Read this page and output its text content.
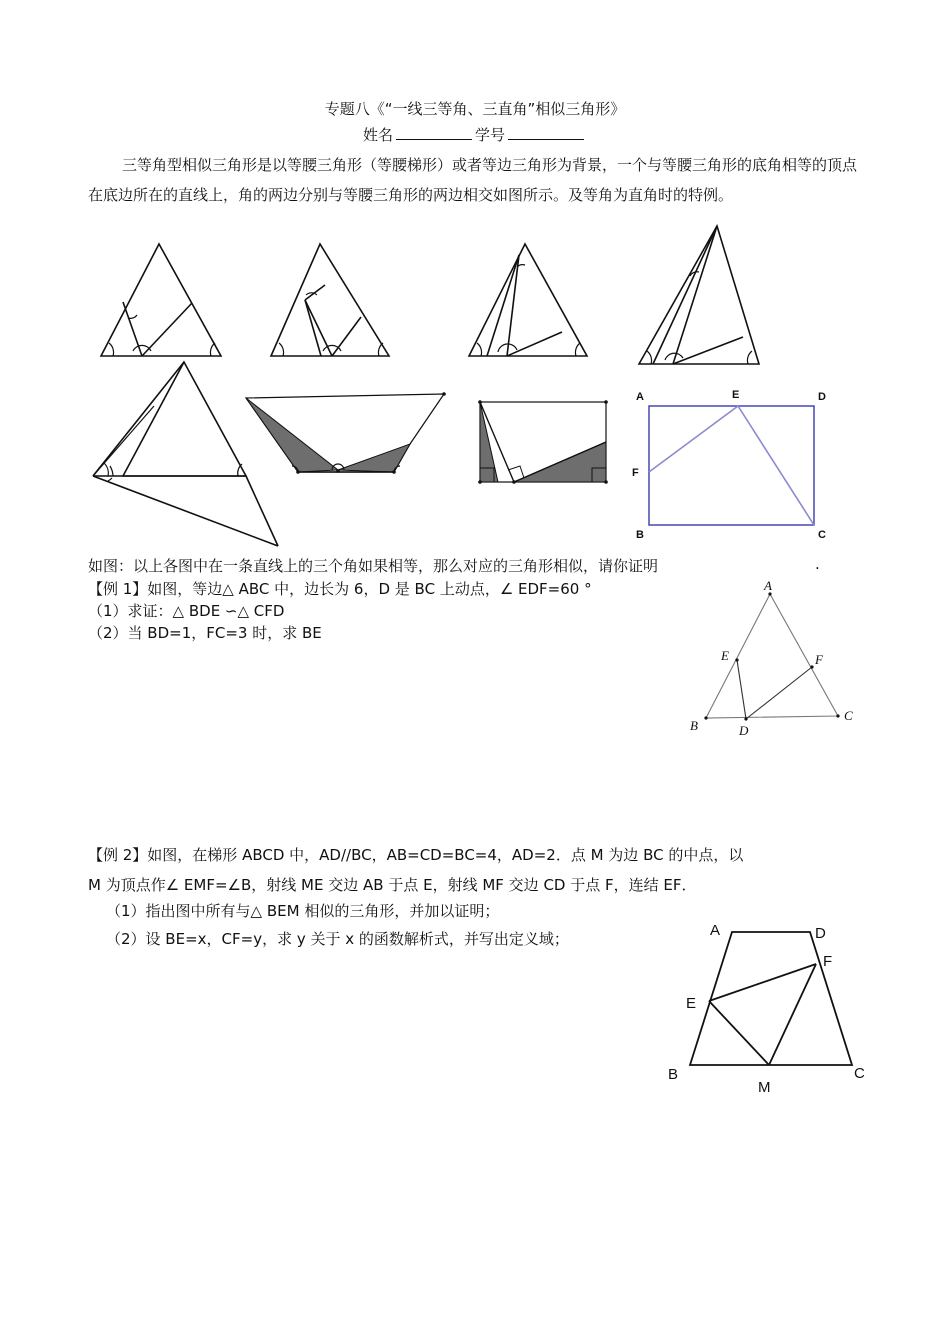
专题八《“一线三等角、三直角”相似三角形》
姓名	学号
三等角型相似三角形是以等腰三角形（等腰梯形）或者等边三角形为背景，一个与等腰三角形的底角相等的顶点在底边所在的直线上，角的两边分别与等腰三角形的两边相交如图所示。及等角为直角时的特例。
A	E	D
F
B	C
如图：以上各图中在一条直线上的三个角如果相等，那么对应的三角形相似，请你证明	.
【例 1】如图，等边△ ABC 中，边长为 6，D 是 BC 上动点，∠ EDF=60 °
（1）求证：△ BDE ∽△ CFD
（2）当 BD=1，FC=3 时，求 BE
A
E	F
B	D
C
【例 2】如图，在梯形 ABCD 中，AD//BC，AB=CD=BC=4，AD=2．点 M 为边 BC 的中点，以
M 为顶点作∠ EMF=∠B，射线 ME 交边 AB 于点 E，射线 MF 交边 CD 于点 F，连结 EF．
（1）指出图中所有与△ BEM 相似的三角形，并加以证明；
（2）设 BE=x，CF=y，求 y 关于 x 的函数解析式，并写出定义域；	A	D
F
E
B
M
C
